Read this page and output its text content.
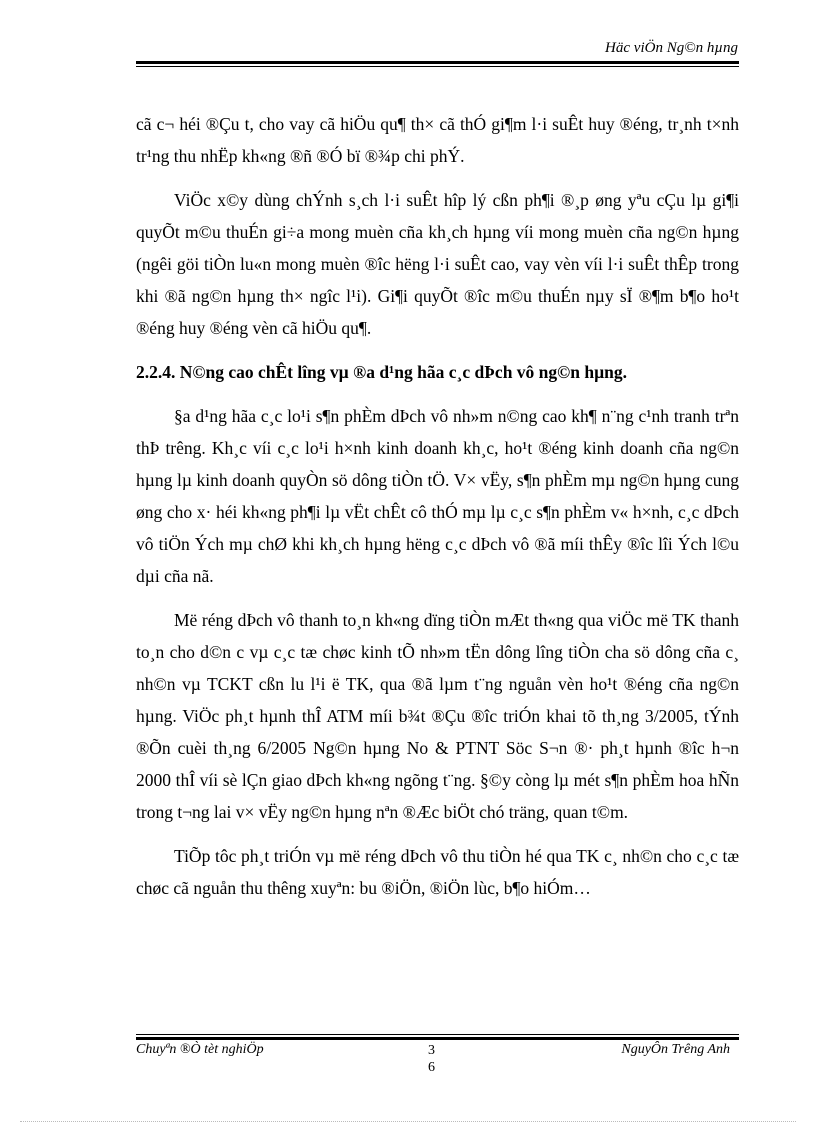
Häc viÖn Ng©n hµng

cã c¬ héi ®Çu t, cho vay cã hiÖu qu¶ th× cã thÓ gi¶m l·i suÊt huy ®éng, tr¸nh t×nh tr¹ng thu nhËp kh«ng ®ñ ®Ó bï ®¾p chi phÝ.

ViÖc x©y dùng chÝnh s¸ch l·i suÊt hîp lý cßn ph¶i ®¸p øng yªu cÇu lµ gi¶i quyÕt m©u thuÉn gi÷a mong muèn cña kh¸ch hµng víi mong muèn cña ng©n hµng (ngêi göi tiÒn lu«n mong muèn ®îc hëng l·i suÊt cao, vay vèn víi l·i suÊt thÊp trong khi ®ã ng©n hµng th× ngîc l¹i). Gi¶i quyÕt ®îc m©u thuÉn nµy sÏ ®¶m b¶o ho¹t ®éng huy ®éng vèn cã hiÖu qu¶.

2.2.4. N©ng cao chÊt lîng vµ ®a d¹ng hãa c¸c dÞch vô ng©n hµng.

§a d¹ng hãa c¸c lo¹i s¶n phÈm dÞch vô nh»m n©ng cao kh¶ n¨ng c¹nh tranh trªn thÞ trêng. Kh¸c víi c¸c lo¹i h×nh kinh doanh kh¸c, ho¹t ®éng kinh doanh cña ng©n hµng lµ kinh doanh quyÒn sö dông tiÒn tÖ. V× vËy, s¶n phÈm mµ ng©n hµng cung øng cho x· héi kh«ng ph¶i lµ vËt chÊt cô thÓ mµ lµ c¸c s¶n phÈm v« h×nh, c¸c dÞch vô tiÖn Ých mµ chØ khi kh¸ch hµng hëng c¸c dÞch vô ®ã míi thÊy ®îc lîi Ých l©u dµi cña nã.

Më réng dÞch vô thanh to¸n kh«ng dïng tiÒn mÆt th«ng qua viÖc më TK thanh to¸n cho d©n c vµ c¸c tæ chøc kinh tÕ nh»m tËn dông lîng tiÒn cha sö dông cña c¸ nh©n vµ TCKT cßn lu l¹i ë TK, qua ®ã lµm t¨ng nguån vèn ho¹t ®éng cña ng©n hµng. ViÖc ph¸t hµnh thÎ ATM míi b¾t ®Çu ®îc triÓn khai tõ th¸ng 3/2005, tÝnh ®Õn cuèi th¸ng 6/2005 Ng©n hµng No & PTNT Söc S¬n ®· ph¸t hµnh ®îc h¬n 2000 thÎ víi sè lÇn giao dÞch kh«ng ngõng t¨ng. §©y còng lµ mét s¶n phÈm hoa hÑn trong t¬ng lai v× vËy ng©n hµng nªn ®Æc biÖt chó träng, quan t©m.

TiÕp tôc ph¸t triÓn vµ më réng dÞch vô thu tiÒn hé qua TK c¸ nh©n cho c¸c tæ chøc cã nguån thu thêng xuyªn: bu ®iÖn, ®iÖn lùc, b¶o hiÓm…

Chuyªn ®Ò tèt nghiÖp	3
6
NguyÔn Trêng Anh
